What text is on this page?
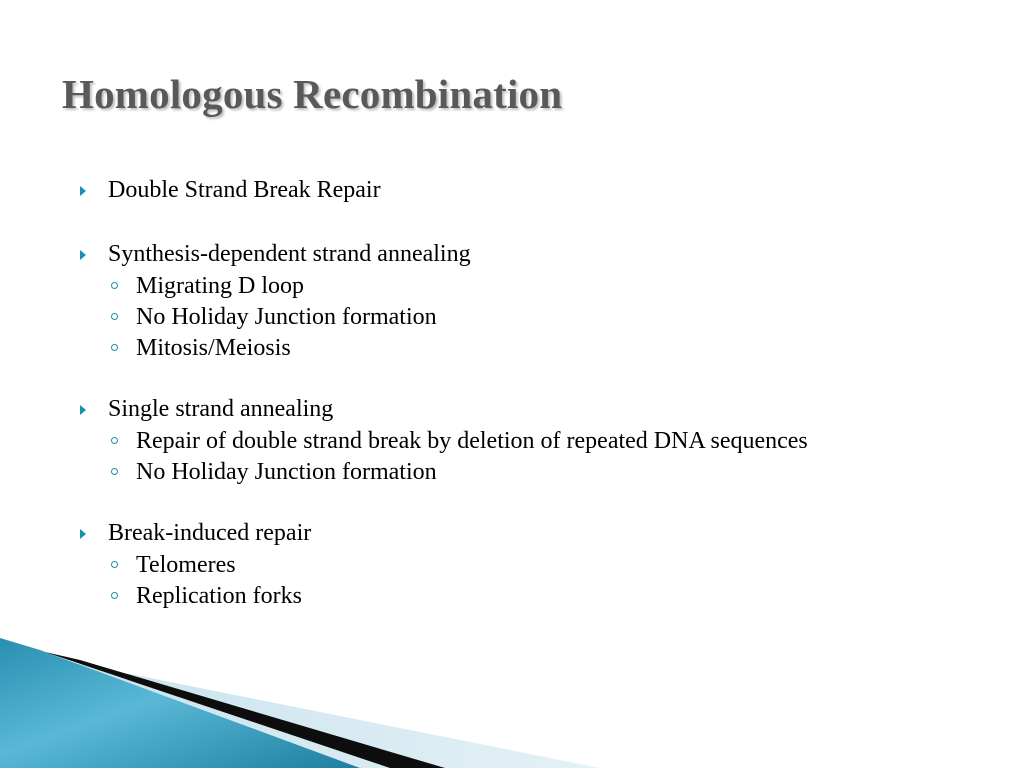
Homologous Recombination
Double Strand Break Repair
Synthesis-dependent strand annealing
Migrating D loop
No Holiday Junction formation
Mitosis/Meiosis
Single strand annealing
Repair of double strand break by deletion of repeated DNA sequences
No Holiday Junction formation
Break-induced repair
Telomeres
Replication forks
